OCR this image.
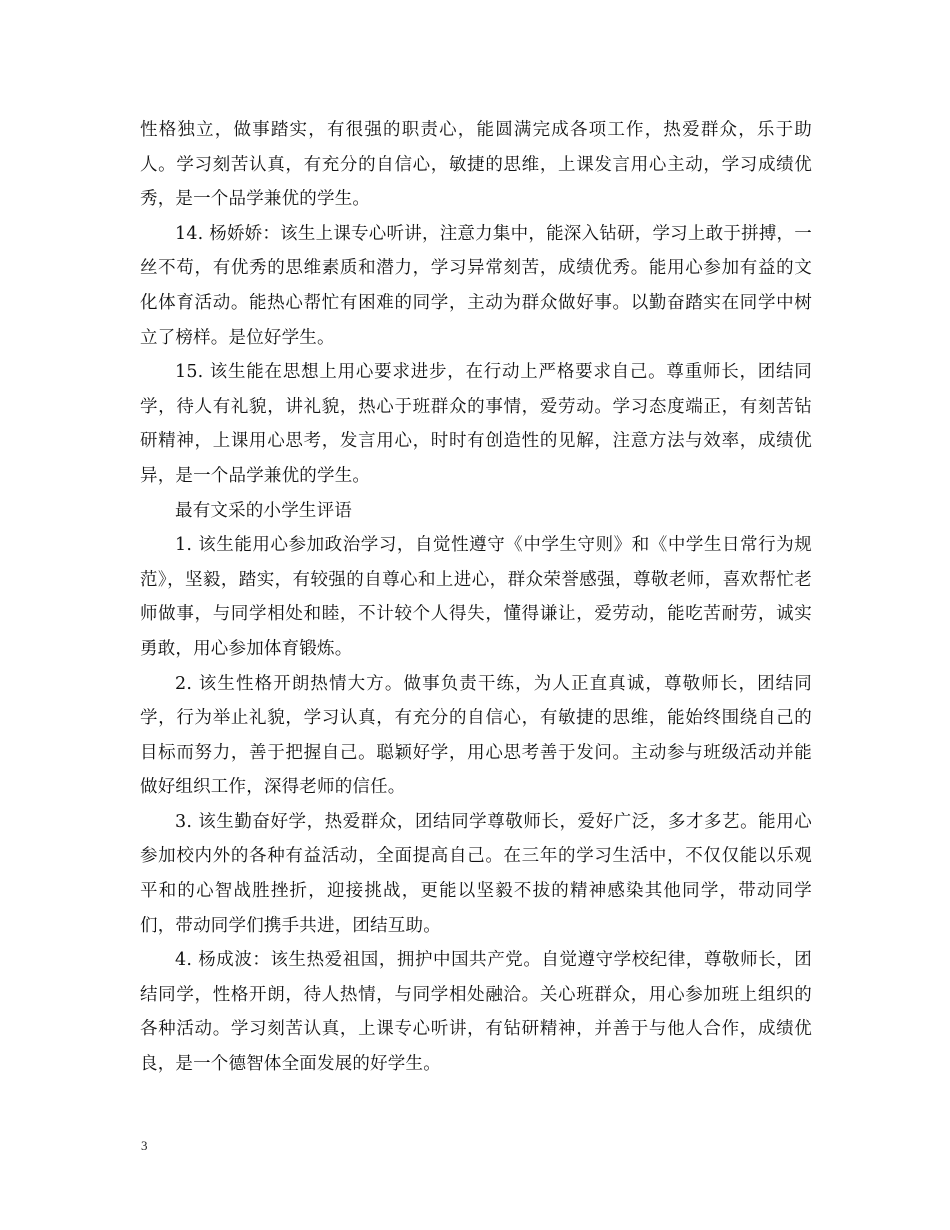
性格独立，做事踏实，有很强的职责心，能圆满完成各项工作，热爱群众，乐于助人。学习刻苦认真，有充分的自信心，敏捷的思维，上课发言用心主动，学习成绩优秀，是一个品学兼优的学生。

14. 杨娇娇：该生上课专心听讲，注意力集中，能深入钻研，学习上敢于拼搏，一丝不苟，有优秀的思维素质和潜力，学习异常刻苦，成绩优秀。能用心参加有益的文化体育活动。能热心帮忙有困难的同学，主动为群众做好事。以勤奋踏实在同学中树立了榜样。是位好学生。

15. 该生能在思想上用心要求进步，在行动上严格要求自己。尊重师长，团结同学，待人有礼貌，讲礼貌，热心于班群众的事情，爱劳动。学习态度端正，有刻苦钻研精神，上课用心思考，发言用心，时时有创造性的见解，注意方法与效率，成绩优异，是一个品学兼优的学生。

最有文采的小学生评语

1. 该生能用心参加政治学习，自觉性遵守《中学生守则》和《中学生日常行为规范》，坚毅，踏实，有较强的自尊心和上进心，群众荣誉感强，尊敬老师，喜欢帮忙老师做事，与同学相处和睦，不计较个人得失，懂得谦让，爱劳动，能吃苦耐劳，诚实勇敢，用心参加体育锻炼。

2. 该生性格开朗热情大方。做事负责干练，为人正直真诚，尊敬师长，团结同学，行为举止礼貌，学习认真，有充分的自信心，有敏捷的思维，能始终围绕自己的目标而努力，善于把握自己。聪颖好学，用心思考善于发问。主动参与班级活动并能做好组织工作，深得老师的信任。

3. 该生勤奋好学，热爱群众，团结同学尊敬师长，爱好广泛，多才多艺。能用心参加校内外的各种有益活动，全面提高自己。在三年的学习生活中，不仅仅能以乐观平和的心智战胜挫折，迎接挑战，更能以坚毅不拔的精神感染其他同学，带动同学们，带动同学们携手共进，团结互助。

4. 杨成波：该生热爱祖国，拥护中国共产党。自觉遵守学校纪律，尊敬师长，团结同学，性格开朗，待人热情，与同学相处融洽。关心班群众，用心参加班上组织的各种活动。学习刻苦认真，上课专心听讲，有钻研精神，并善于与他人合作，成绩优良，是一个德智体全面发展的好学生。

3
